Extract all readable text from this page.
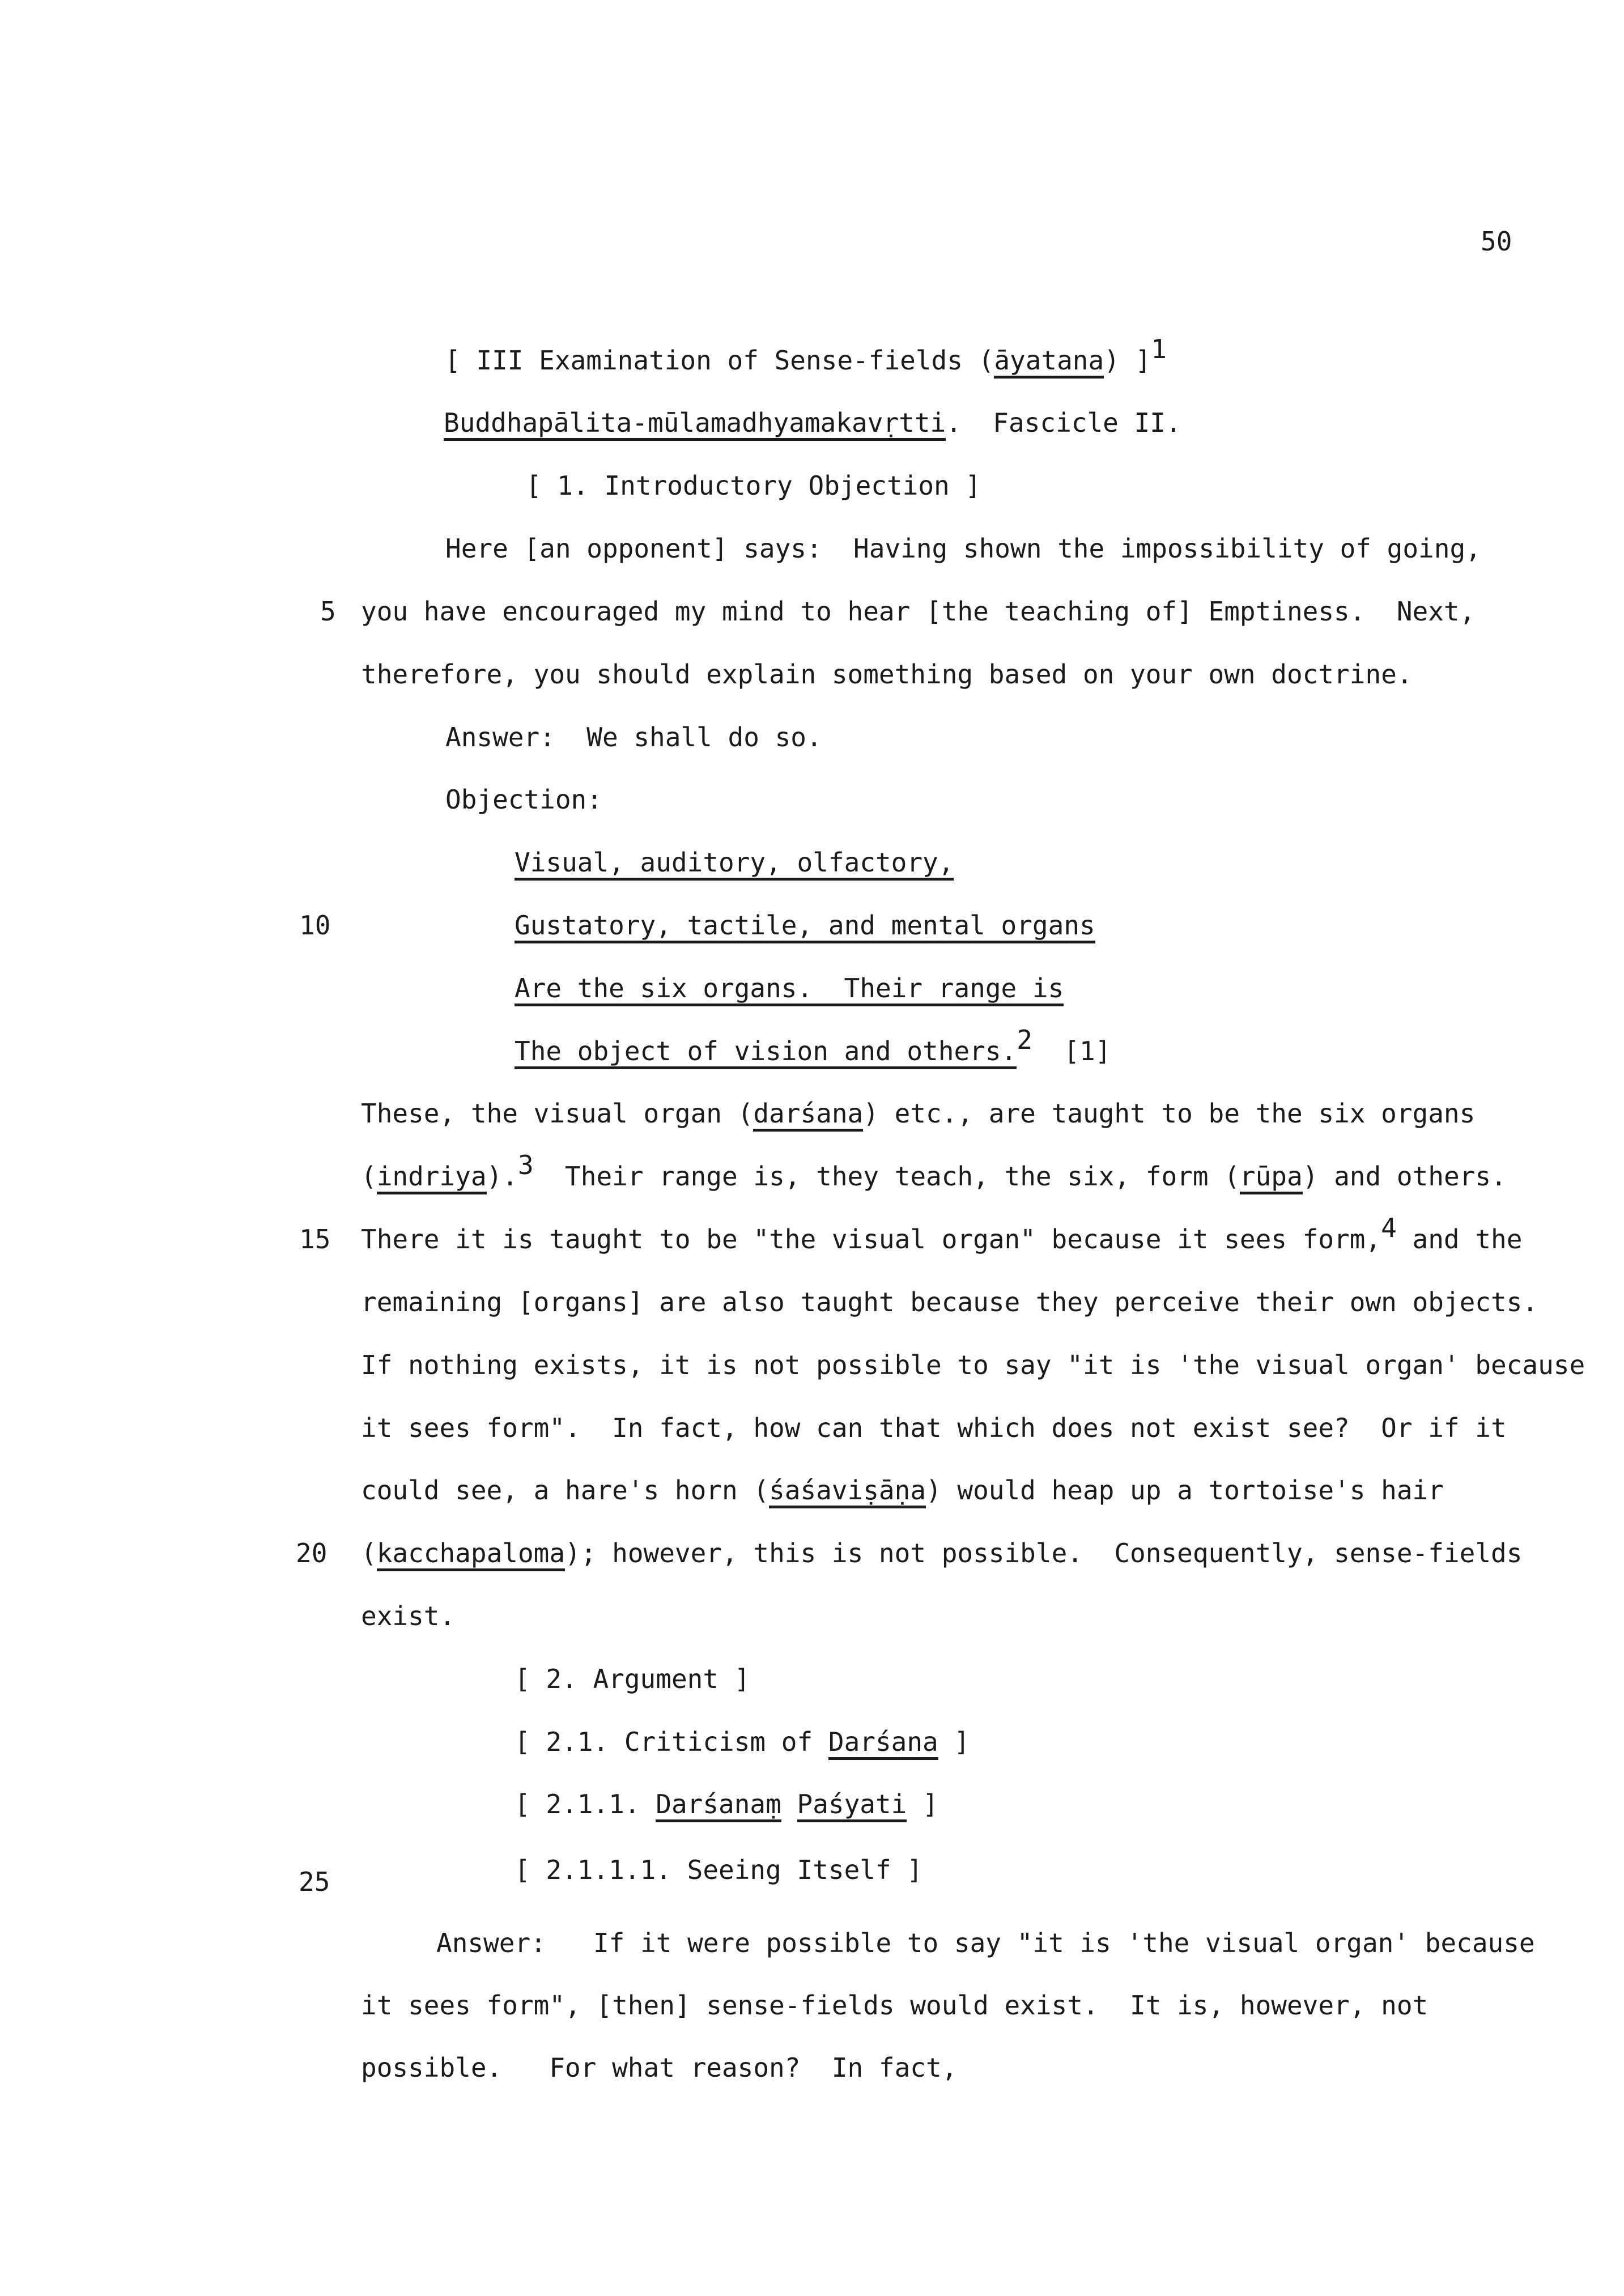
50
[ III Examination of Sense-fields (āyatana) ]1
Buddhapālita-mūlamadhyamakavṛtti.  Fascicle II.
[ 1. Introductory Objection ]
Here [an opponent] says:  Having shown the impossibility of going,
you have encouraged my mind to hear [the teaching of] Emptiness.  Next,
5
therefore, you should explain something based on your own doctrine.
Answer:  We shall do so.
Objection:
Visual, auditory, olfactory,
Gustatory, tactile, and mental organs
10
Are the six organs.  Their range is
The object of vision and others.2  [1]
These, the visual organ (darśana) etc., are taught to be the six organs
(indriya).3  Their range is, they teach, the six, form (rūpa) and others.
There it is taught to be "the visual organ" because it sees form,4 and the
15
remaining [organs] are also taught because they perceive their own objects.
If nothing exists, it is not possible to say "it is 'the visual organ' because
it sees form".  In fact, how can that which does not exist see?  Or if it
could see, a hare's horn (śaśaviṣāṇa) would heap up a tortoise's hair
(kacchapaloma); however, this is not possible.  Consequently, sense-fields
20
exist.
[ 2. Argument ]
[ 2.1. Criticism of Darśana ]
[ 2.1.1. Darśanaṃ Paśyati ]
[ 2.1.1.1. Seeing Itself ]
25
Answer:   If it were possible to say "it is 'the visual organ' because
it sees form", [then] sense-fields would exist.  It is, however, not
possible.   For what reason?  In fact,
